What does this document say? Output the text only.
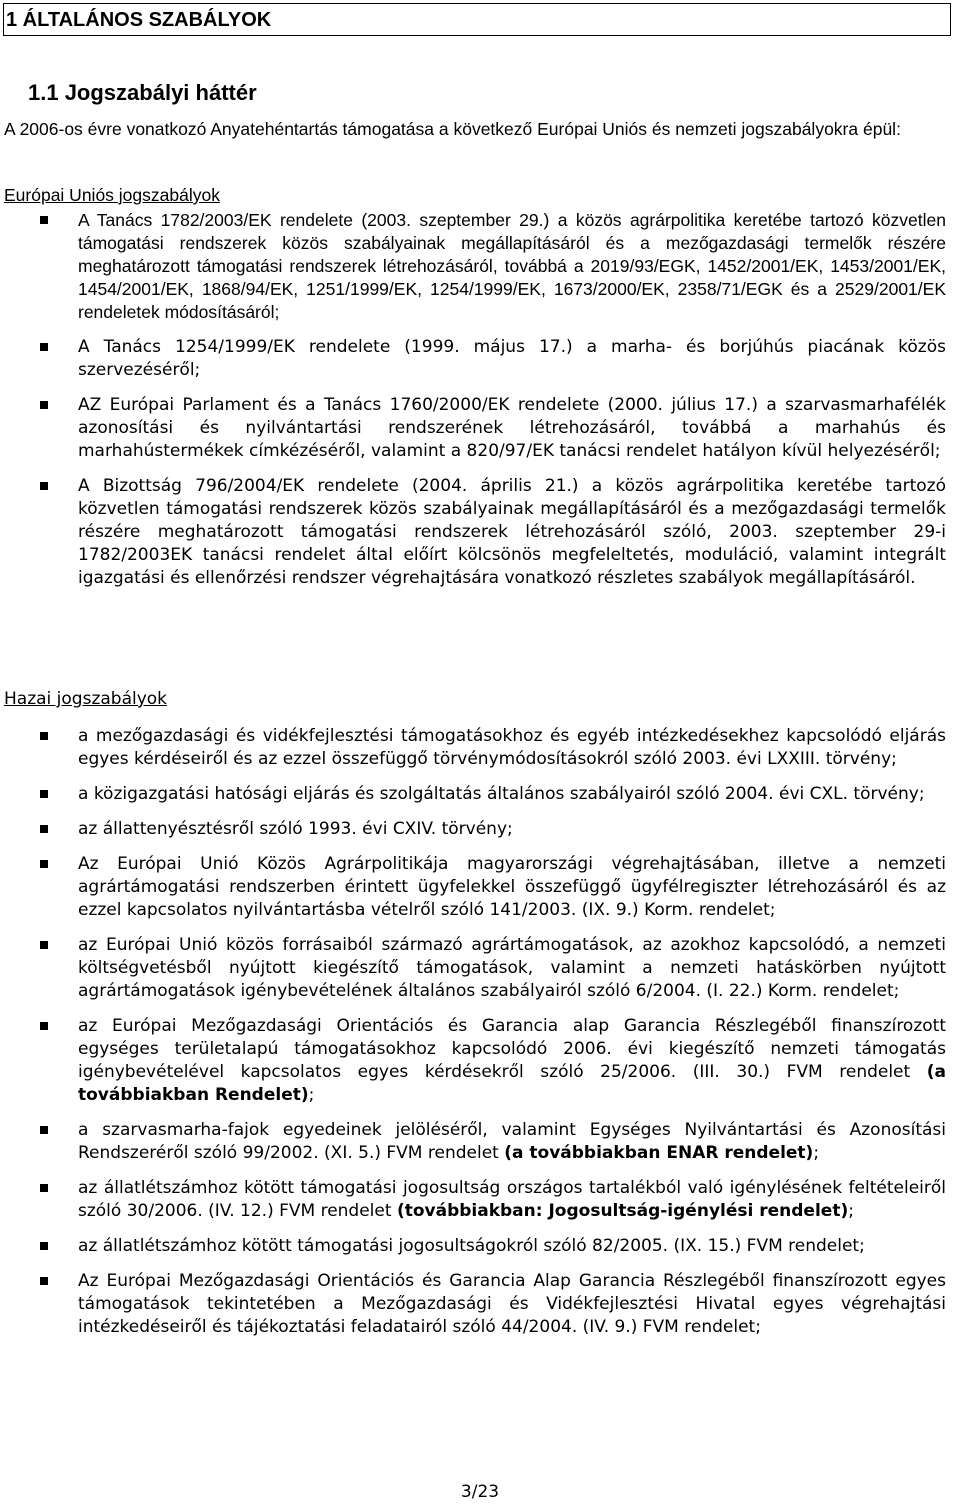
1 ÁLTALÁNOS SZABÁLYOK
1.1 Jogszabályi háttér
A 2006-os évre vonatkozó Anyatehéntartás támogatása a következő Európai Uniós és nemzeti jogszabályokra épül:
Európai Uniós jogszabályok
A Tanács 1782/2003/EK rendelete (2003. szeptember 29.) a közös agrárpolitika keretébe tartozó közvetlen támogatási rendszerek közös szabályainak megállapításáról és a mezőgazdasági termelők részére meghatározott támogatási rendszerek létrehozásáról, továbbá a 2019/93/EGK, 1452/2001/EK, 1453/2001/EK, 1454/2001/EK, 1868/94/EK, 1251/1999/EK, 1254/1999/EK, 1673/2000/EK, 2358/71/EGK és a 2529/2001/EK rendeletek módosításáról;
A Tanács 1254/1999/EK rendelete (1999. május 17.) a marha- és borjúhús piacának közös szervezéséről;
AZ Európai Parlament és a Tanács 1760/2000/EK rendelete (2000. július 17.) a szarvasmarhafélék azonosítási és nyilvántartási rendszerének létrehozásáról, továbbá a marhahús és marhahústermékek címkézéséről, valamint a 820/97/EK tanácsi rendelet hatályon kívül helyezéséről;
A Bizottság 796/2004/EK rendelete (2004. április 21.) a közös agrárpolitika keretébe tartozó közvetlen támogatási rendszerek közös szabályainak megállapításáról és a mezőgazdasági termelők részére meghatározott támogatási rendszerek létrehozásáról szóló, 2003. szeptember 29-i 1782/2003EK tanácsi rendelet által előírt kölcsönös megfeleltetés, moduláció, valamint integrált igazgatási és ellenőrzési rendszer végrehajtására vonatkozó részletes szabályok megállapításáról.
Hazai jogszabályok
a mezőgazdasági és vidékfejlesztési támogatásokhoz és egyéb intézkedésekhez kapcsolódó eljárás egyes kérdéseiről és az ezzel összefüggő törvénymódosításokról szóló 2003. évi LXXIII. törvény;
a közigazgatási hatósági eljárás és szolgáltatás általános szabályairól szóló 2004. évi CXL. törvény;
az állattenyésztésről szóló 1993. évi CXIV. törvény;
Az Európai Unió Közös Agrárpolitikája magyarországi végrehajtásában, illetve a nemzeti agrártámogatási rendszerben érintett ügyfelekkel összefüggő ügyfélregiszter létrehozásáról és az ezzel kapcsolatos nyilvántartásba vételről szóló 141/2003. (IX. 9.) Korm. rendelet;
az Európai Unió közös forrásaiból származó agrártámogatások, az azokhoz kapcsolódó, a nemzeti költségvetésből nyújtott kiegészítő támogatások, valamint a nemzeti hatáskörben nyújtott agrártámogatások igénybevételének általános szabályairól szóló 6/2004. (I. 22.) Korm. rendelet;
az Európai Mezőgazdasági Orientációs és Garancia alap Garancia Részlegéből finanszírozott egységes területalapú támogatásokhoz kapcsolódó 2006. évi kiegészítő nemzeti támogatás igénybevételével kapcsolatos egyes kérdésekről szóló 25/2006. (III. 30.) FVM rendelet (a továbbiakban Rendelet);
a szarvasmarha-fajok egyedeinek jelöléséről, valamint Egységes Nyilvántartási és Azonosítási Rendszeréről szóló 99/2002. (XI. 5.) FVM rendelet (a továbbiakban ENAR rendelet);
az állatlétszámhoz kötött támogatási jogosultság országos tartalékból való igénylésének feltételeiről szóló 30/2006. (IV. 12.) FVM rendelet (továbbiakban: Jogosultság-igénylési rendelet);
az állatlétszámhoz kötött támogatási jogosultságokról szóló 82/2005. (IX. 15.) FVM rendelet;
Az Európai Mezőgazdasági Orientációs és Garancia Alap Garancia Részlegéből finanszírozott egyes támogatások tekintetében a Mezőgazdasági és Vidékfejlesztési Hivatal egyes végrehajtási intézkedéseiről és tájékoztatási feladatairól szóló 44/2004. (IV. 9.) FVM rendelet;
3/23
